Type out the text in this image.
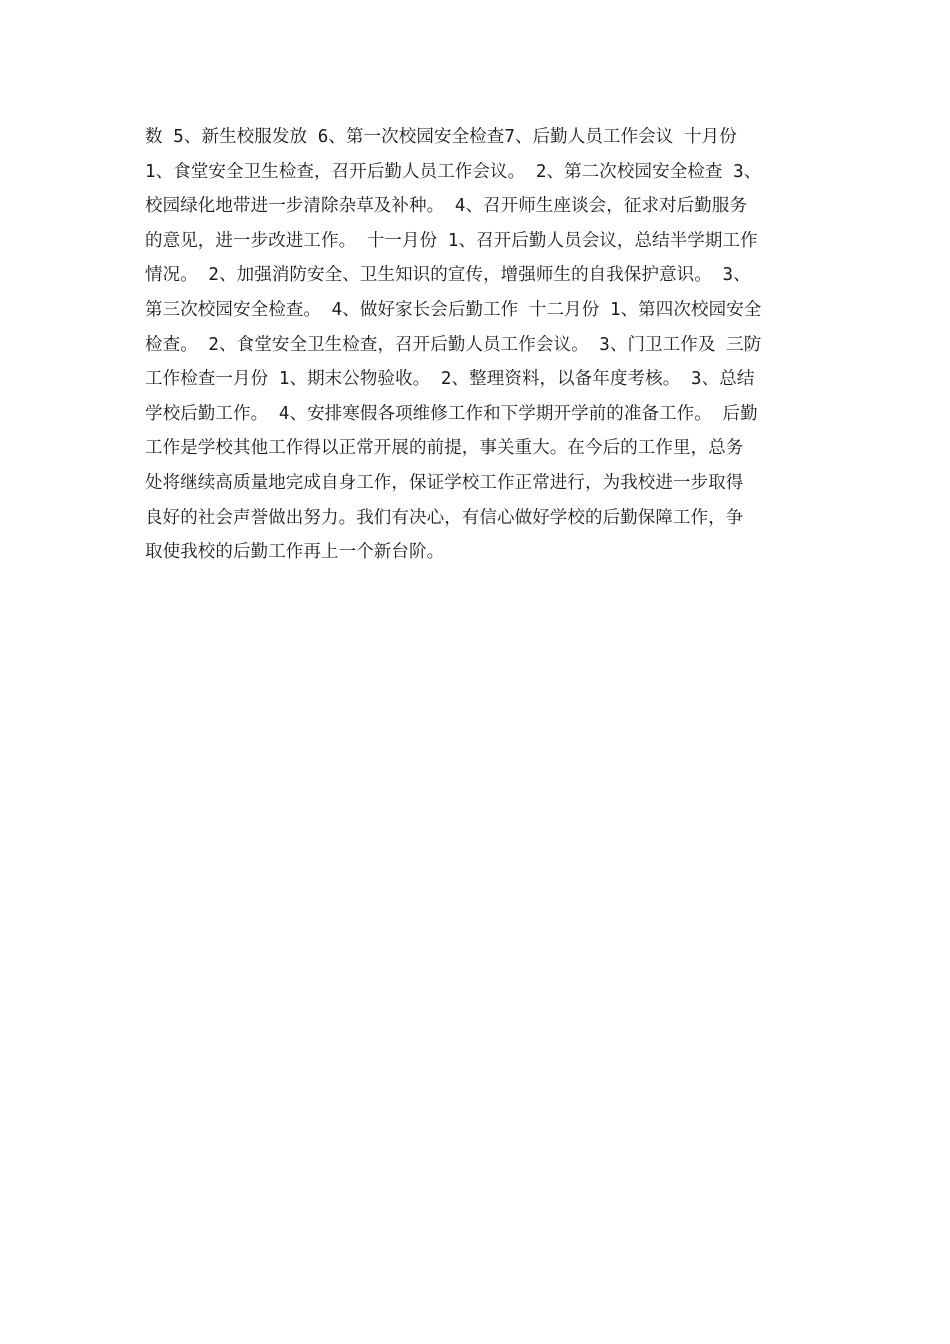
数 5、新生校服发放 6、第一次校园安全检查7、后勤人员工作会议 十月份
1、食堂安全卫生检查，召开后勤人员工作会议。 2、第二次校园安全检查 3、
校园绿化地带进一步清除杂草及补种。 4、召开师生座谈会，征求对后勤服务
的意见，进一步改进工作。 十一月份 1、召开后勤人员会议，总结半学期工作
情况。 2、加强消防安全、卫生知识的宣传，增强师生的自我保护意识。 3、
第三次校园安全检查。 4、做好家长会后勤工作 十二月份 1、第四次校园安全
检查。 2、食堂安全卫生检查，召开后勤人员工作会议。 3、门卫工作及 三防
工作检查一月份 1、期末公物验收。 2、整理资料，以备年度考核。 3、总结
学校后勤工作。 4、安排寒假各项维修工作和下学期开学前的准备工作。 后勤
工作是学校其他工作得以正常开展的前提，事关重大。在今后的工作里，总务
处将继续高质量地完成自身工作，保证学校工作正常进行，为我校进一步取得
良好的社会声誉做出努力。我们有决心，有信心做好学校的后勤保障工作，争
取使我校的后勤工作再上一个新台阶。
